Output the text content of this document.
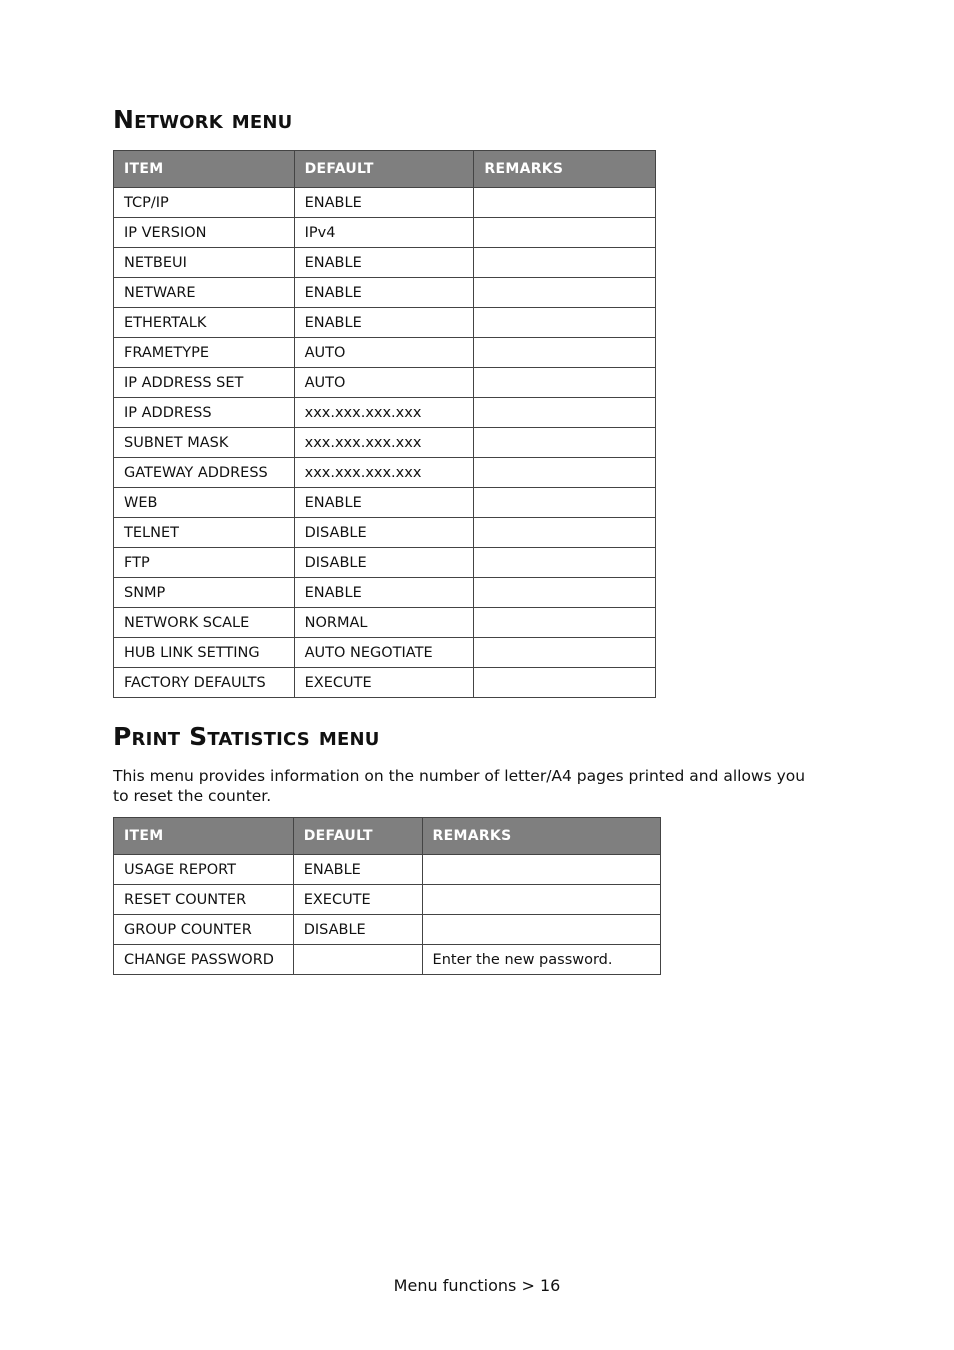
Network menu
ITEM	DEFAULT	REMARKS
TCP/IP	ENABLE	
IP VERSION	IPv4	
NETBEUI	ENABLE	
NETWARE	ENABLE	
ETHERTALK	ENABLE	
FRAMETYPE	AUTO	
IP ADDRESS SET	AUTO	
IP ADDRESS	xxx.xxx.xxx.xxx	
SUBNET MASK	xxx.xxx.xxx.xxx	
GATEWAY ADDRESS	xxx.xxx.xxx.xxx	
WEB	ENABLE	
TELNET	DISABLE	
FTP	DISABLE	
SNMP	ENABLE	
NETWORK SCALE	NORMAL	
HUB LINK SETTING	AUTO NEGOTIATE	
FACTORY DEFAULTS	EXECUTE	
Print Statistics menu

This menu provides information on the number of letter/A4 pages printed and allows you to reset the counter.

ITEM	DEFAULT	REMARKS
USAGE REPORT	ENABLE	
RESET COUNTER	EXECUTE	
GROUP COUNTER	DISABLE	
CHANGE PASSWORD		Enter the new password.
Menu functions > 16
